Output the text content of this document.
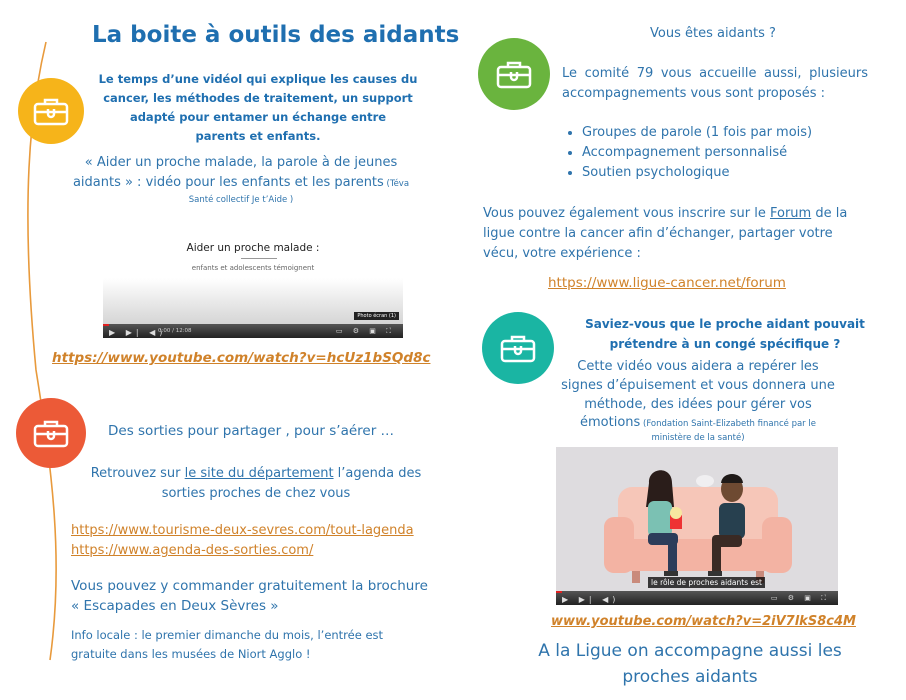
La boite à outils des aidants
Le temps d’une vidéol qui explique les causes du
cancer, les méthodes de traitement, un support
adapté pour entamer un échange entre
parents et enfants.
« Aider un proche malade, la parole à de jeunes
aidants » : vidéo pour les enfants et les parents (Téva
Santé collectif Je t’Aide )
Aider un proche malade :
enfants et adolescents témoignent
Photo écran (1)
▶ ▶| ◀)
0:00 / 12:08	▭ ⚙ ▣ ⛶
https://www.youtube.com/watch?v=hcUz1bSQd8c
Des sorties pour partager , pour s’aérer …
Retrouvez sur le site du département l’agenda des
sorties proches de chez vous
https://www.tourisme-deux-sevres.com/tout-lagenda
https://www.agenda-des-sorties.com/
Vous pouvez y commander gratuitement la brochure
« Escapades en Deux Sèvres »
Info locale : le premier dimanche du mois, l’entrée est
gratuite dans les musées de Niort Agglo !
Vous êtes aidants ?
Le comité 79 vous accueille aussi, plusieurs
accompagnements vous sont proposés :
• Groupes de parole (1 fois par mois)
• Accompagnement personnalisé
• Soutien psychologique
Vous pouvez également vous inscrire sur le Forum de la
ligue contre la cancer afin d’échanger, partager votre
vécu, votre expérience :
https://www.ligue-cancer.net/forum
Saviez-vous que le proche aidant pouvait
prétendre à un congé spécifique ?
Cette vidéo vous aidera a repérer les
signes d’épuisement et vous donnera une
méthode, des idées pour gérer vos
émotions (Fondation Saint-Elizabeth financé par le
ministère de la santé)
le rôle de proches aidants est
▶ ▶| ◀)	▭ ⚙ ▣ ⛶
www.youtube.com/watch?v=2iV7lkS8c4M
A la Ligue on accompagne aussi les
proches aidants
